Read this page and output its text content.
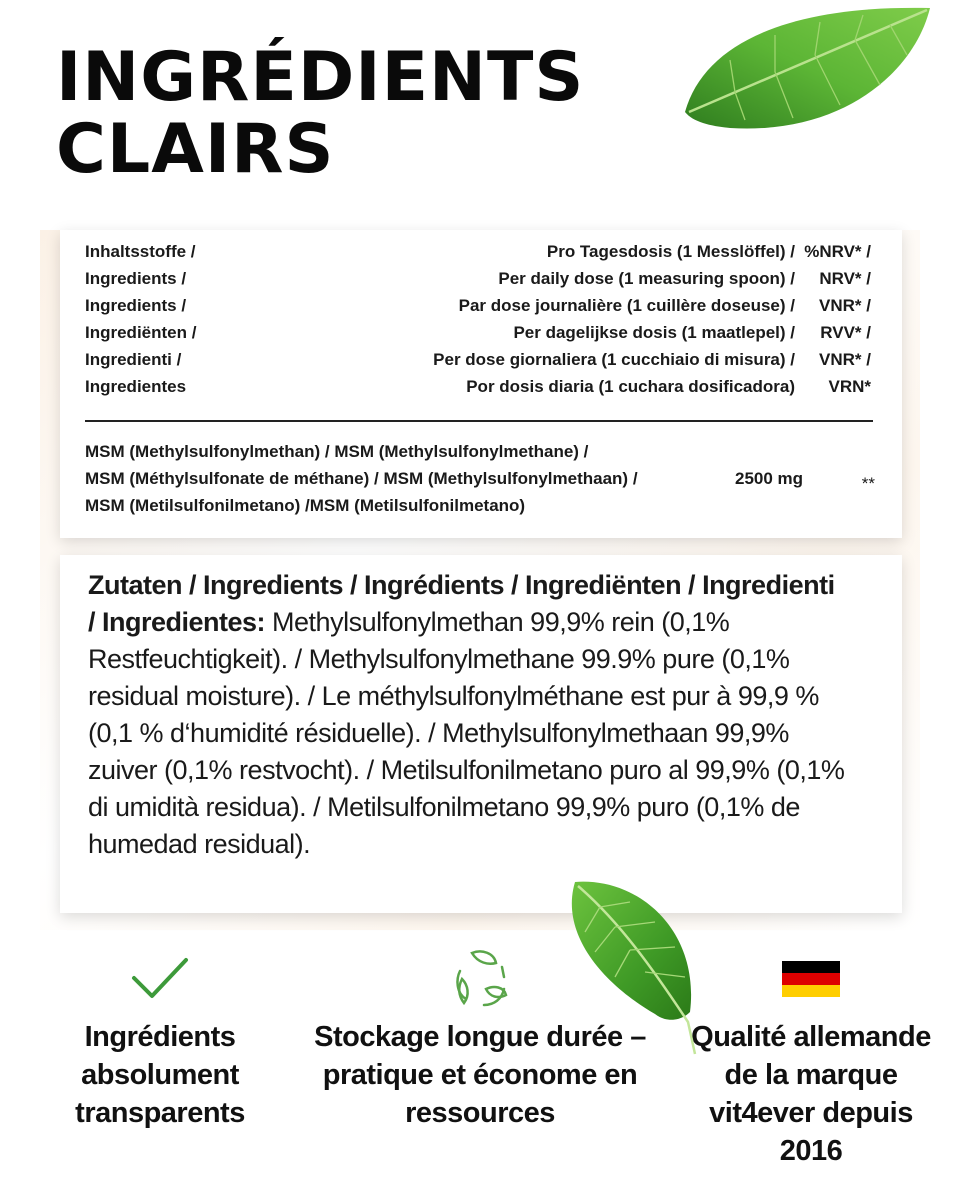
INGRÉDIENTS
CLAIRS
Inhaltsstoffe /	Pro Tagesdosis (1 Messlöffel) / %NRV* /
Ingredients /	Per daily dose (1 measuring spoon) / NRV* /
Ingredients /	Par dose journalière (1 cuillère doseuse) / VNR* /
Ingrediënten /	Per dagelijkse dosis (1 maatlepel) / RVV* /
Ingredienti /	Per dose giornaliera (1 cucchiaio di misura) / VNR* /
Ingredientes	Por dosis diaria (1 cuchara dosificadora) VRN*
MSM (Methylsulfonylmethan) / MSM (Methylsulfonylmethane) /
MSM (Méthylsulfonate de méthane) / MSM (Methylsulfonylmethaan) /	2500 mg	**
MSM (Metilsulfonilmetano) /MSM (Metilsulfonilmetano)
Zutaten / Ingredients / Ingrédients / Ingrediënten / Ingredienti / Ingredientes: Methylsulfonylmethan 99,9% rein (0,1% Restfeuchtigkeit). / Methylsulfonylmethane 99.9% pure (0,1% residual moisture). / Le méthylsulfonylméthane est pur à 99,9 % (0,1 % d‘humidité résiduelle). / Methylsulfonylmethaan 99,9% zuiver (0,1% restvocht). / Metilsulfonilmetano puro al 99,9% (0,1% di umidità residua). / Metilsulfonilmetano 99,9% puro (0,1% de humedad residual).
Ingrédients absolument transparents
Stockage longue durée – pratique et économe en ressources
Qualité allemande de la marque vit4ever depuis 2016
